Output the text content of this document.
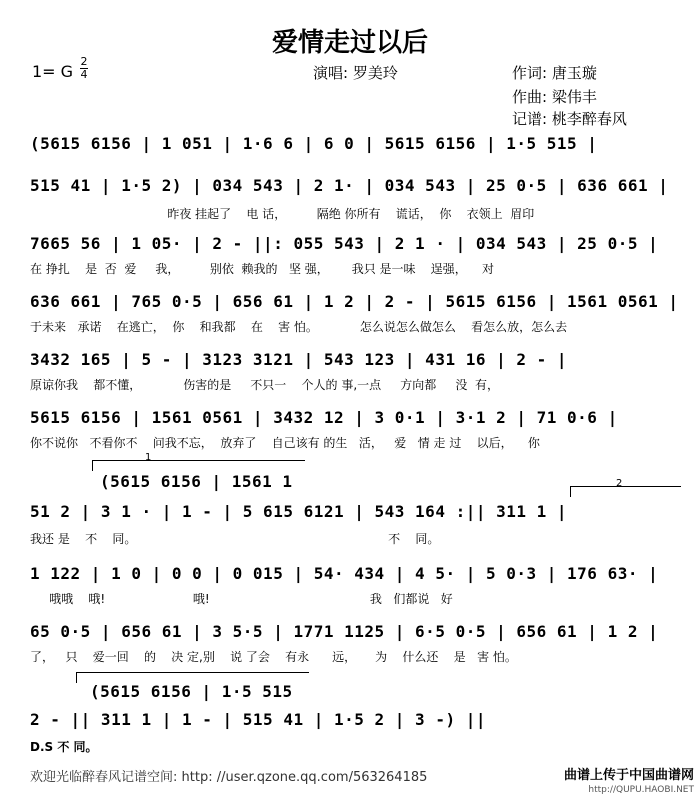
爱情走过以后
1= G
2
4	演唱: 罗美玲	作词: 唐玉璇
作曲: 梁伟丰
记谱: 桃李醉春风
(5615 6156 | 1 051 | 1·6 6 | 6 0 | 5615 6156 | 1·5 515 |
515 41 | 1·5 2) | 034 543 | 2 1· | 034 543 | 25 0·5 | 636 661 |
昨夜 挂起了    电 话，        隔绝 你所有    谎话，  你    衣领上  眉印
7665 56 | 1 05· | 2 - ||: 055 543 | 2 1 · | 034 543 | 25 0·5 |
在 挣扎    是  否  爱     我，        别依  赖我的   坚 强，      我只 是一味    逞强，    对
636 661 | 765 0·5 | 656 61 | 1 2 | 2 - | 5615 6156 | 1561 0561 |
于未来   承诺    在逃亡，  你    和我都    在    害 怕。           怎么说怎么做怎么    看怎么放，怎么去
3432 165 | 5 - | 3123 3121 | 543 123 | 431 16 | 2 - |
原谅你我    都不懂，           伤害的是     不只一    个人的 事,一点     方向都     没  有，
5615 6156 | 1561 0561 | 3432 12 | 3 0·1 | 3·1 2 | 71 0·6 |
你不说你   不看你不    问我不忘，  放弃了    自己该有 的生   活，   爱   情 走 过    以后，    你
1
(5615 6156 | 1561 1	2
51 2 | 3 1 · | 1 - | 5 615 6121 | 543 164 :|| 311 1 |
我还 是    不    同。                                                                  不    同。
1 122 | 1 0 | 0 0 | 0 015 | 54· 434 | 4 5· | 5 0·3 | 176 63· |
哦哦    哦!                       哦!                                          我   们都说   好
65 0·5 | 656 61 | 3 5·5 | 1771 1125 | 6·5 0·5 | 656 61 | 1 2 |
了，   只    爱一回    的    决 定,别    说 了会    有永      远，     为    什么还    是   害 怕。
(5615 6156 | 1·5 515
2 - || 311 1 | 1 - | 515 41 | 1·5 2 | 3 -) ||
D.S 不 同。
欢迎光临醉春风记谱空间: http: //user.qzone.qq.com/563264185	曲谱上传于中国曲谱网
http://QUPU.HAOBI.NET
